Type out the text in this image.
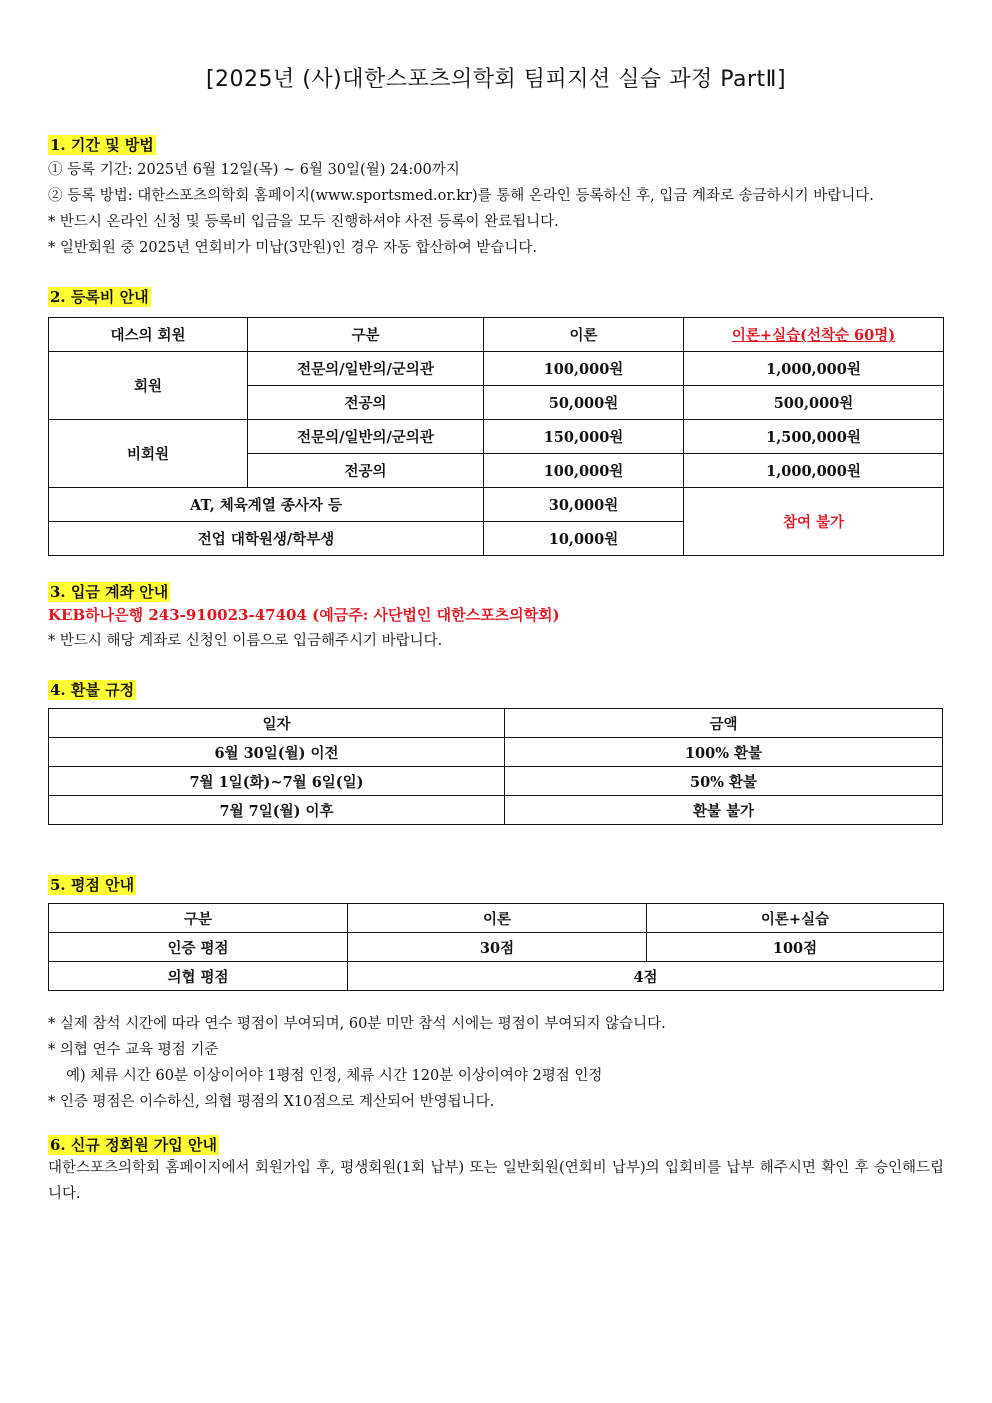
[2025년 (사)대한스포츠의학회 팀피지션 실습 과정 PartⅡ]
1. 기간 및 방법
① 등록 기간: 2025년 6월 12일(목) ~ 6월 30일(월) 24:00까지
② 등록 방법: 대한스포츠의학회 홈페이지(www.sportsmed.or.kr)를 통해 온라인 등록하신 후, 입금 계좌로 송금하시기 바랍니다.
* 반드시 온라인 신청 및 등록비 입금을 모두 진행하셔야 사전 등록이 완료됩니다.
* 일반회원 중 2025년 연회비가 미납(3만원)인 경우 자동 합산하여 받습니다.
2. 등록비 안내
대스의 회원	구분	이론	이론+실습(선착순 60명)
회원	전문의/일반의/군의관	100,000원	1,000,000원
	전공의	50,000원	500,000원
비회원	전문의/일반의/군의관	150,000원	1,500,000원
	전공의	100,000원	1,000,000원
AT, 체육계열 종사자 등		30,000원	참여 불가
전업 대학원생/학부생		10,000원	
3. 입금 계좌 안내
KEB하나은행 243-910023-47404 (예금주: 사단법인 대한스포츠의학회)
* 반드시 해당 계좌로 신청인 이름으로 입금해주시기 바랍니다.
4. 환불 규정
일자	금액
6월 30일(월) 이전	100% 환불
7월 1일(화)~7월 6일(일)	50% 환불
7월 7일(월) 이후	환불 불가
5. 평점 안내
구분	이론	이론+실습
인증 평점	30점	100점
의협 평점	4점	
* 실제 참석 시간에 따라 연수 평점이 부여되며, 60분 미만 참석 시에는 평점이 부여되지 않습니다.
* 의협 연수 교육 평점 기준
예) 체류 시간 60분 이상이어야 1평점 인정, 체류 시간 120분 이상이여야 2평점 인정
* 인증 평점은 이수하신, 의협 평점의 X10점으로 계산되어 반영됩니다.
6. 신규 정회원 가입 안내
대한스포츠의학회 홈페이지에서 회원가입 후, 평생회원(1회 납부) 또는 일반회원(연회비 납부)의 입회비를 납부 해주시면 확인 후 승인해드립니다.
